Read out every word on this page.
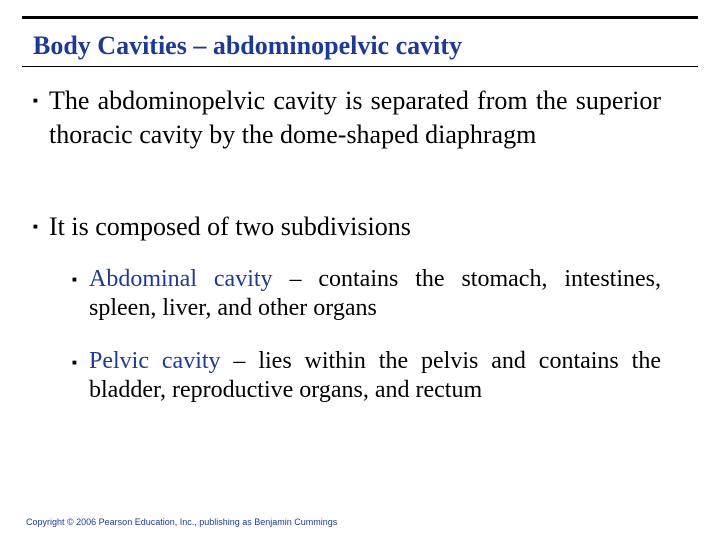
Body Cavities – abdominopelvic cavity
■ The abdominopelvic cavity is separated from the superior thoracic cavity by the dome-shaped diaphragm

■ It is composed of two subdivisions

■ Abdominal cavity – contains the stomach, intestines, spleen, liver, and other organs

■ Pelvic cavity – lies within the pelvis and contains the bladder, reproductive organs, and rectum

Copyright © 2006 Pearson Education, Inc., publishing as Benjamin Cummings
